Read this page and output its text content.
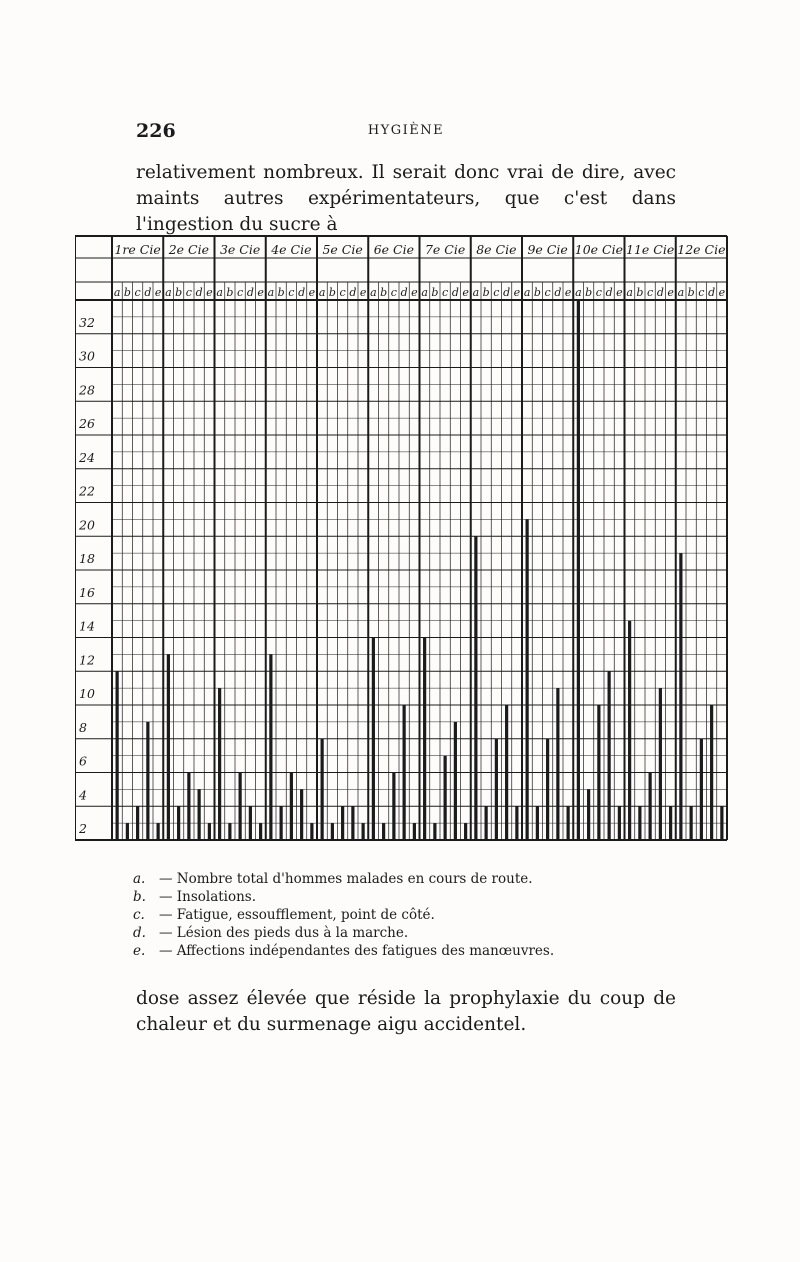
226	HYGIÈNE

relativement nombreux. Il serait donc vrai de dire, avec maints autres expérimentateurs, que c'est dans l'ingestion du sucre à

1re Cie 2e Cie 3e Cie 4e Cie 5e Cie 6e Cie 7e Cie 8e Cie 9e Cie 10e Cie 11e Cie 12e Cie
a b c d e a b c d e a b c d e a b c d e a b c d e a b c d e a b c d e a b c d e a b c d e a b c d e a b c d e a b c d e
32
30
28
26
24
22
20
18
16
14
12
10
8
6
4
2
a.	— Nombre total d'hommes malades en cours de route.
b. — Insolations.
c.	— Fatigue, essoufflement, point de côté.
d. — Lésion des pieds dus à la marche.
e.	— Affections indépendantes des fatigues des manœuvres.

dose assez élevée que réside la prophylaxie du coup de chaleur et du surmenage aigu accidentel.
